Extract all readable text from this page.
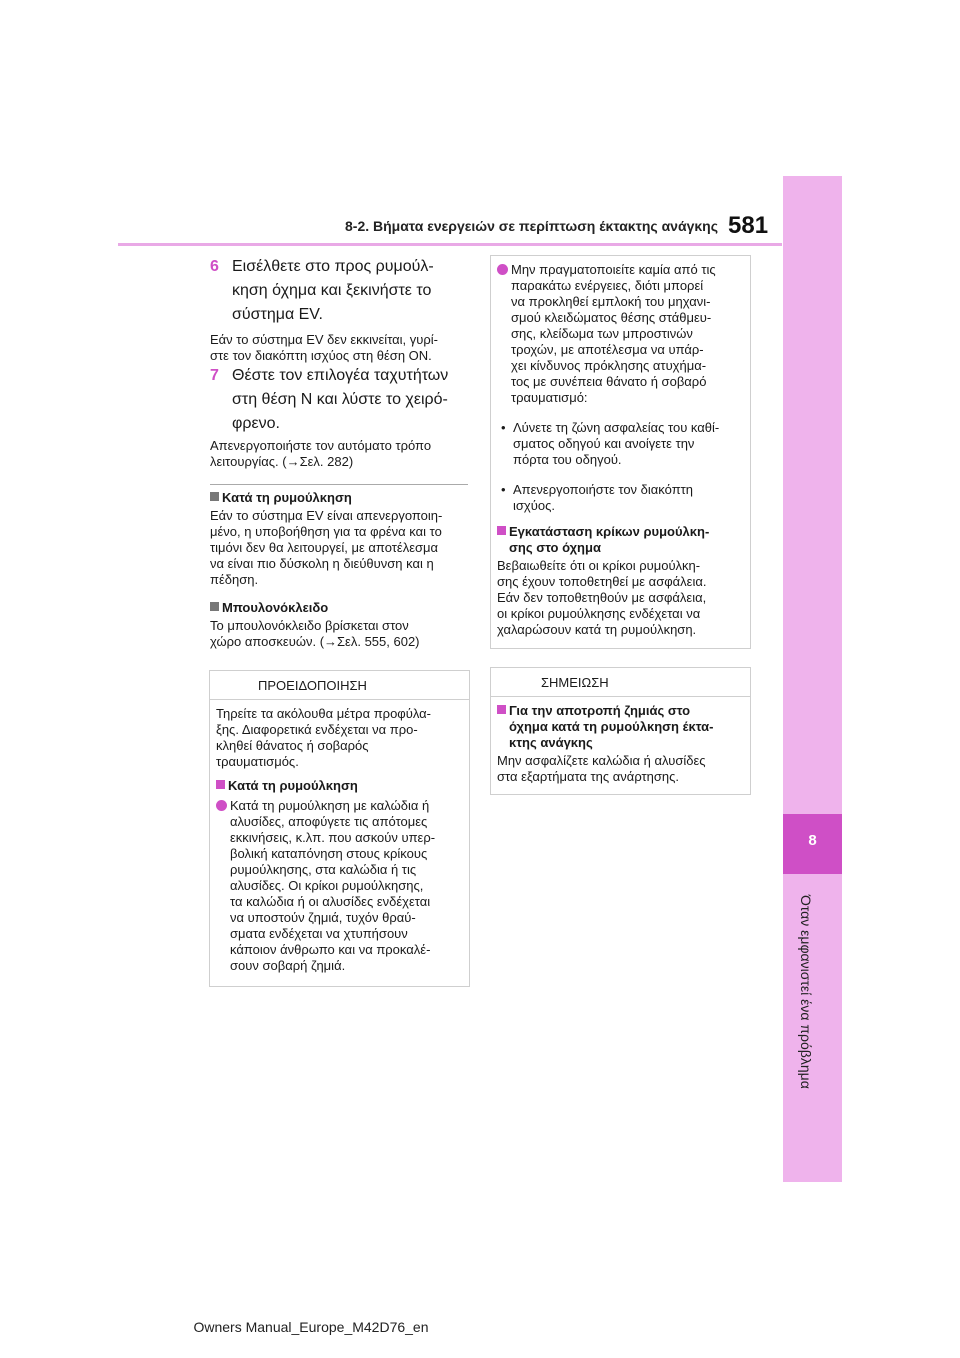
8-2. Βήματα ενεργειών σε περίπτωση έκτακτης ανάγκης 581
8
Όταν εμφανιστεί ένα πρόβλημα
6 Εισέλθετε στο προς ρυμούλ-
κηση όχημα και ξεκινήστε το
σύστημα EV.
Εάν το σύστημα EV δεν εκκινείται, γυρί-
στε τον διακόπτη ισχύος στη θέση ON.
7 Θέστε τον επιλογέα ταχυτήτων
στη θέση N και λύστε το χειρό-
φρενο.
Απενεργοποιήστε τον αυτόματο τρόπο
λειτουργίας. (→Σελ. 282)
Κατά τη ρυμούλκηση
Εάν το σύστημα EV είναι απενεργοποιη-
μένο, η υποβοήθηση για τα φρένα και το
τιμόνι δεν θα λειτουργεί, με αποτέλεσμα
να είναι πιο δύσκολη η διεύθυνση και η
πέδηση.
Μπουλονόκλειδο
Το μπουλονόκλειδο βρίσκεται στον
χώρο αποσκευών. (→Σελ. 555, 602)
ΠΡΟΕΙΔΟΠΟΙΗΣΗ
Τηρείτε τα ακόλουθα μέτρα προφύλα-
ξης. Διαφορετικά ενδέχεται να προ-
κληθεί θάνατος ή σοβαρός
τραυματισμός.
Κατά τη ρυμούλκηση
Κατά τη ρυμούλκηση με καλώδια ή
αλυσίδες, αποφύγετε τις απότομες
εκκινήσεις, κ.λπ. που ασκούν υπερ-
βολική καταπόνηση στους κρίκους
ρυμούλκησης, στα καλώδια ή τις
αλυσίδες. Οι κρίκοι ρυμούλκησης,
τα καλώδια ή οι αλυσίδες ενδέχεται
να υποστούν ζημιά, τυχόν θραύ-
σματα ενδέχεται να χτυπήσουν
κάποιον άνθρωπο και να προκαλέ-
σουν σοβαρή ζημιά.
Μην πραγματοποιείτε καμία από τις
παρακάτω ενέργειες, διότι μπορεί
να προκληθεί εμπλοκή του μηχανι-
σμού κλειδώματος θέσης στάθμευ-
σης, κλείδωμα των μπροστινών
τροχών, με αποτέλεσμα να υπάρ-
χει κίνδυνος πρόκλησης ατυχήμα-
τος με συνέπεια θάνατο ή σοβαρό
τραυματισμό:
• Λύνετε τη ζώνη ασφαλείας του καθί-
σματος οδηγού και ανοίγετε την
πόρτα του οδηγού.
• Απενεργοποιήστε τον διακόπτη
ισχύος.
Εγκατάσταση κρίκων ρυμούλκη-
σης στο όχημα
Βεβαιωθείτε ότι οι κρίκοι ρυμούλκη-
σης έχουν τοποθετηθεί με ασφάλεια.
Εάν δεν τοποθετηθούν με ασφάλεια,
οι κρίκοι ρυμούλκησης ενδέχεται να
χαλαρώσουν κατά τη ρυμούλκηση.
ΣΗΜΕΙΩΣΗ
Για την αποτροπή ζημιάς στο
όχημα κατά τη ρυμούλκηση έκτα-
κτης ανάγκης
Μην ασφαλίζετε καλώδια ή αλυσίδες
στα εξαρτήματα της ανάρτησης.
Owners Manual_Europe_M42D76_en
